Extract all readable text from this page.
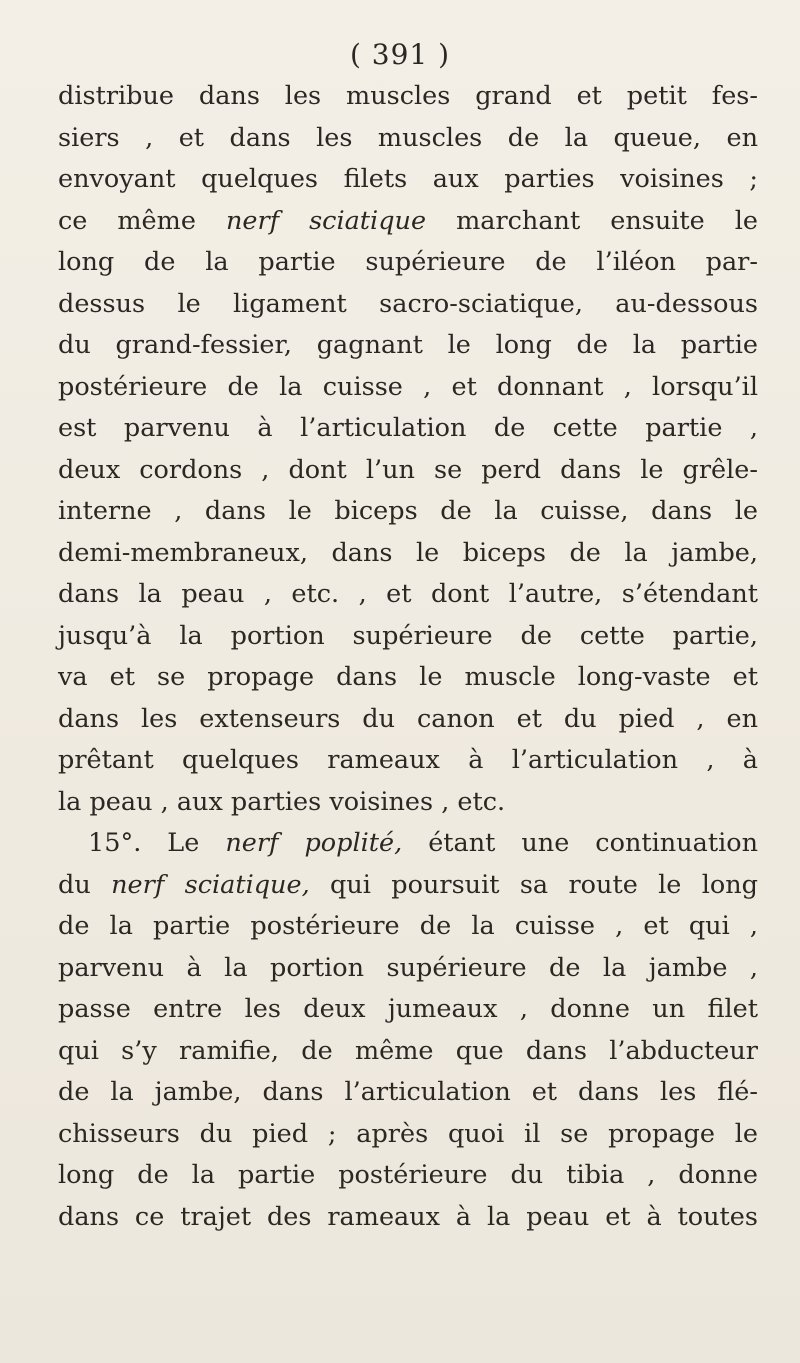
( 391 )
distribue dans les muscles grand et petit fes-
siers , et dans les muscles de la queue, en
envoyant quelques filets aux parties voisines ;
ce même nerf sciatique marchant ensuite le
long de la partie supérieure de l’iléon par-
dessus le ligament sacro-sciatique, au-dessous
du grand-fessier, gagnant le long de la partie
postérieure de la cuisse , et donnant , lorsqu’il
est parvenu à l’articulation de cette partie ,
deux cordons , dont l’un se perd dans le grêle-
interne , dans le biceps de la cuisse, dans le
demi-membraneux, dans le biceps de la jambe,
dans la peau , etc. , et dont l’autre, s’étendant
jusqu’à la portion supérieure de cette partie,
va et se propage dans le muscle long-vaste et
dans les extenseurs du canon et du pied , en
prêtant quelques rameaux à l’articulation , à
la peau , aux parties voisines , etc.
15°. Le nerf poplité, étant une continuation
du nerf sciatique, qui poursuit sa route le long
de la partie postérieure de la cuisse , et qui ,
parvenu à la portion supérieure de la jambe ,
passe entre les deux jumeaux , donne un filet
qui s’y ramifie, de même que dans l’abducteur
de la jambe, dans l’articulation et dans les flé-
chisseurs du pied ; après quoi il se propage le
long de la partie postérieure du tibia , donne
dans ce trajet des rameaux à la peau et à toutes
